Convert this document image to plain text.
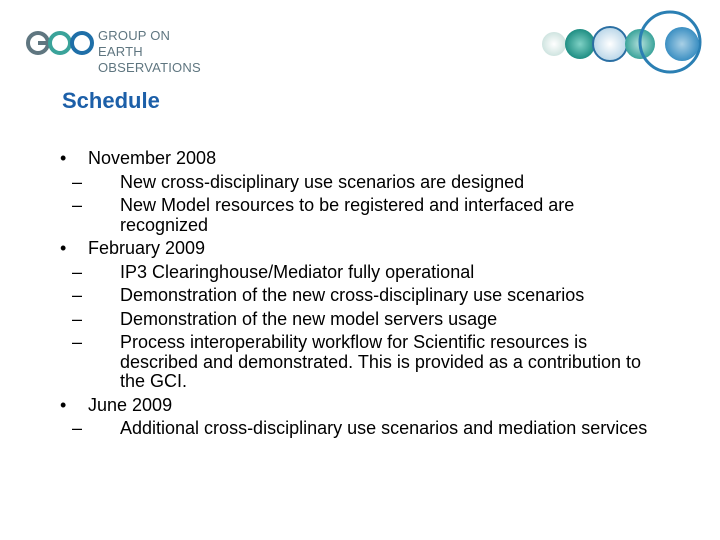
GROUP ON
EARTH OBSERVATIONS
Schedule
• November 2008
– New cross-disciplinary use scenarios are designed
– New Model resources to be registered and interfaced are recognized
• February 2009
– IP3 Clearinghouse/Mediator fully operational
– Demonstration of the new cross-disciplinary use scenarios
– Demonstration of the new model servers usage
– Process interoperability workflow for Scientific resources is described and demonstrated. This is provided as a contribution to the GCI.
• June 2009
– Additional cross-disciplinary use scenarios and mediation services
